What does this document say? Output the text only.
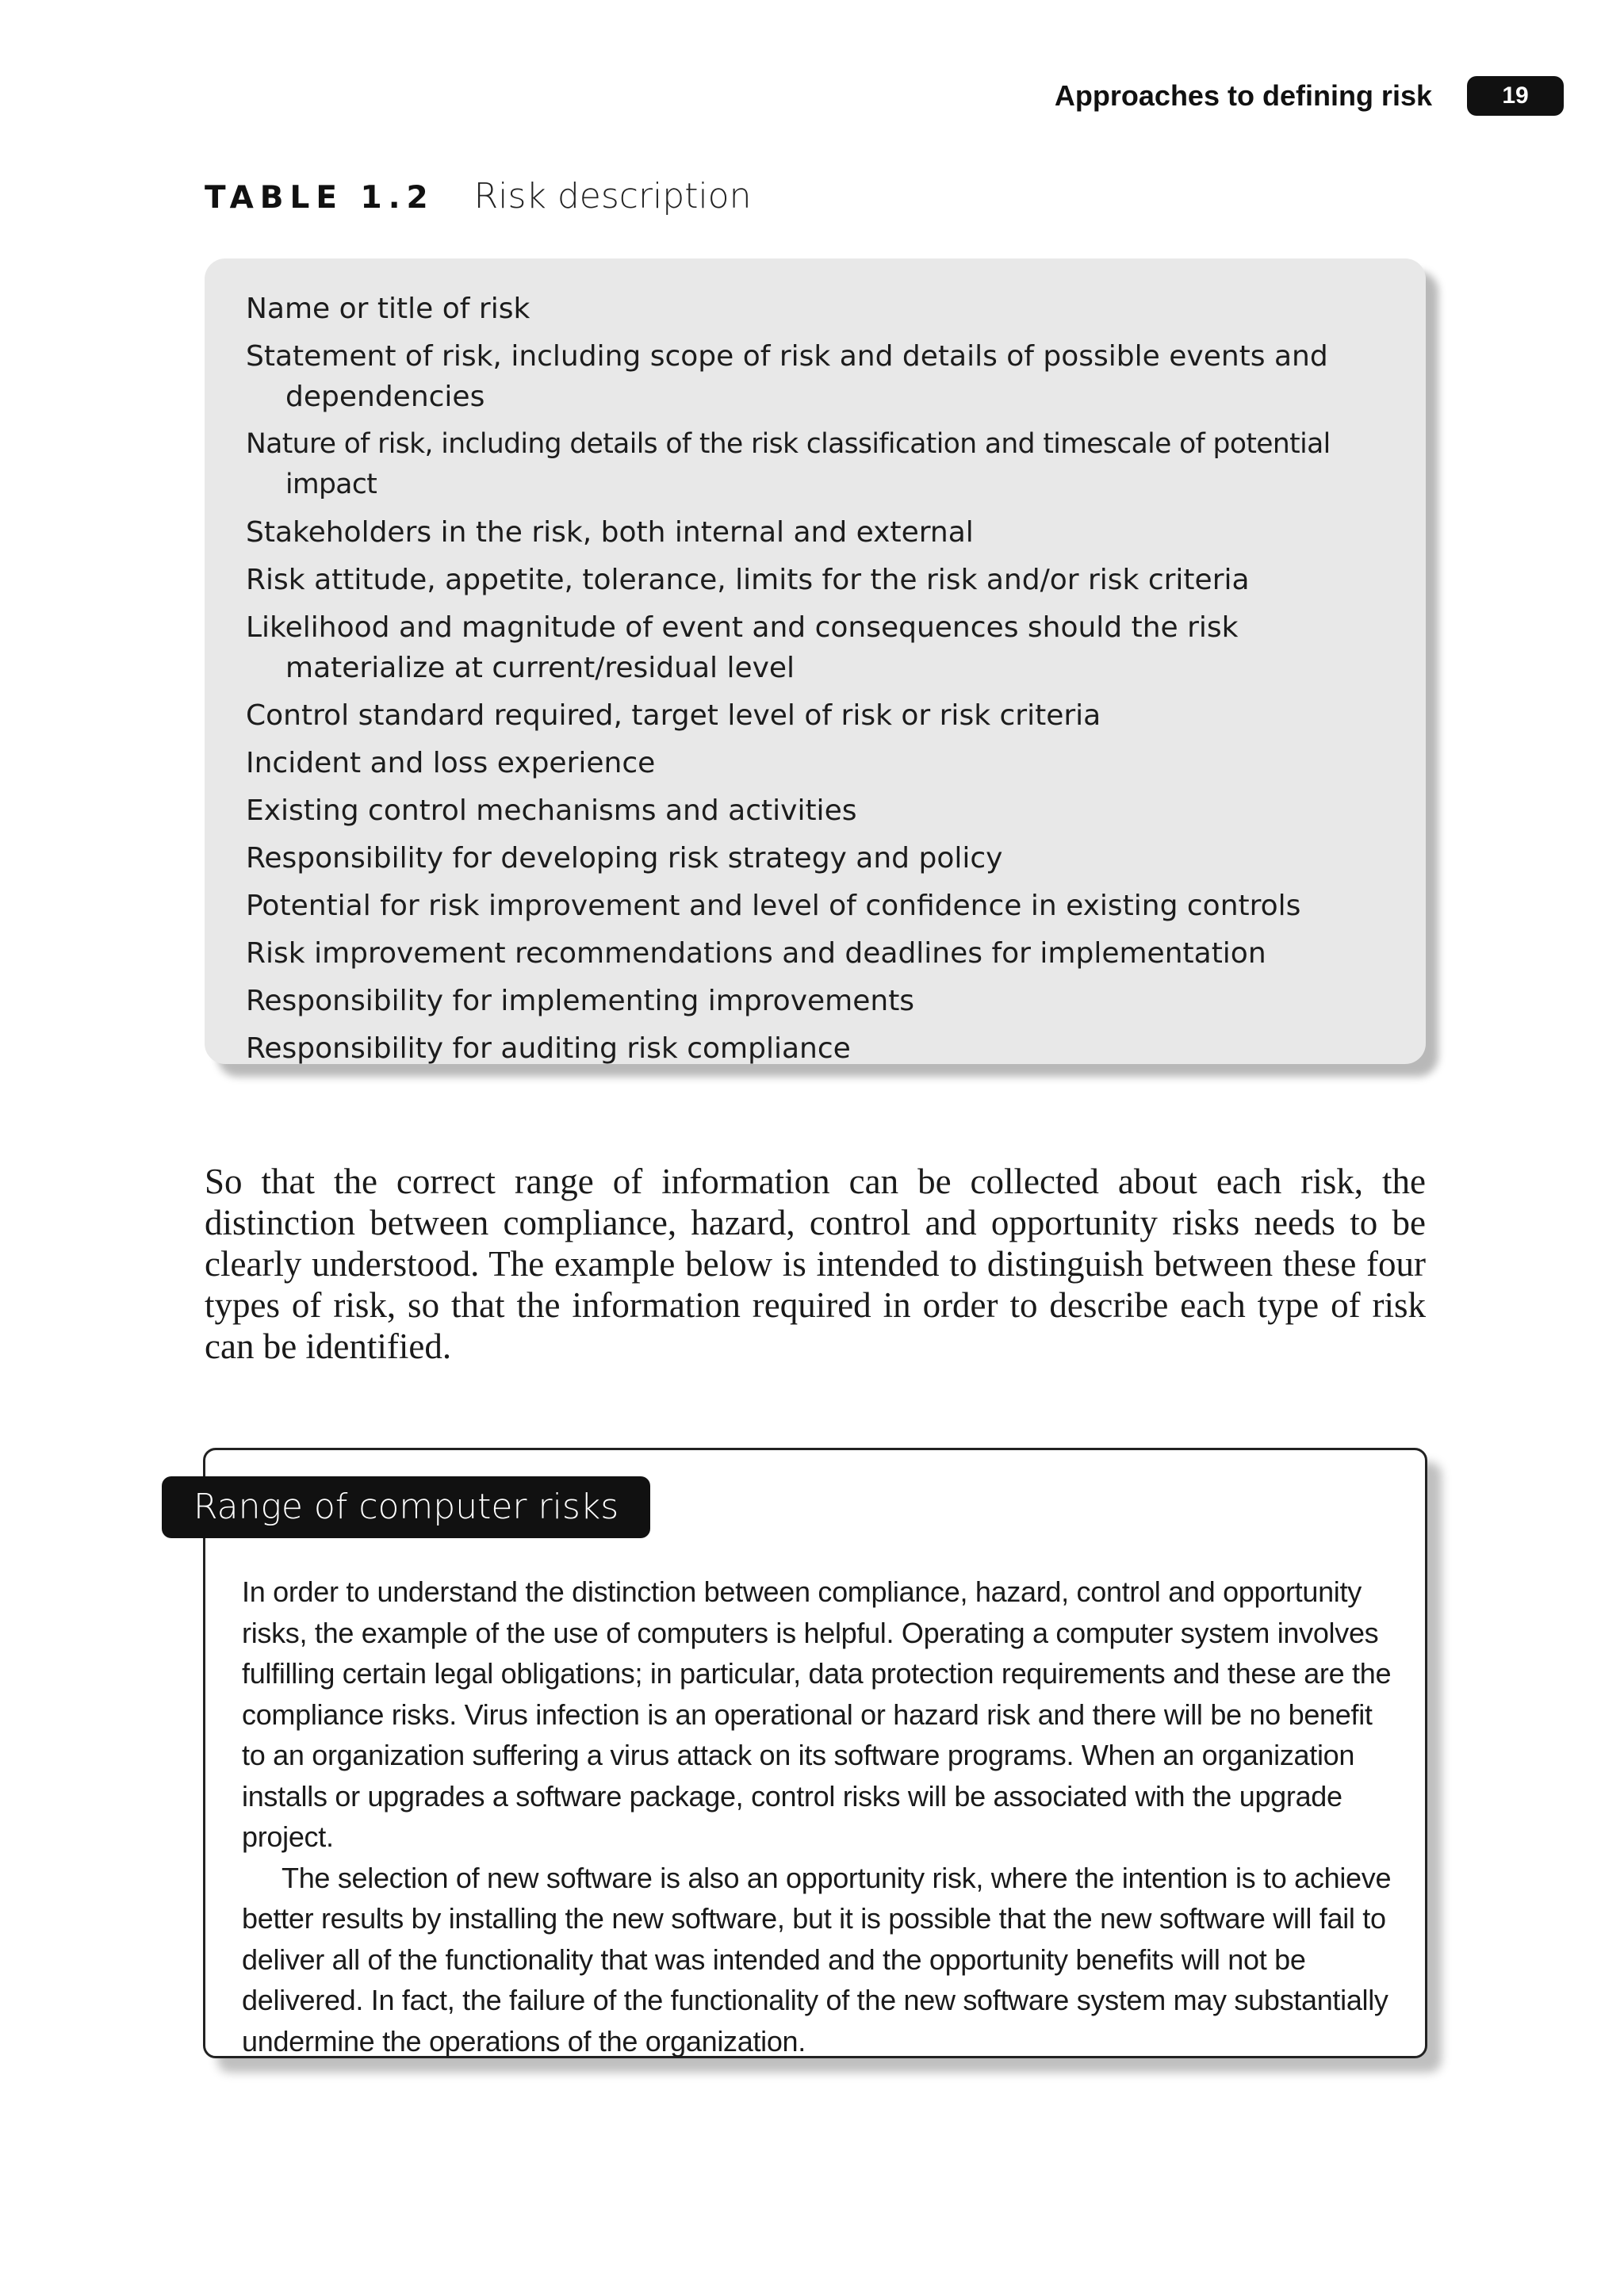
Approaches to defining risk	19
TABLE 1.2 Risk description
Name or title of risk
Statement of risk, including scope of risk and details of possible events and dependencies
Nature of risk, including details of the risk classification and timescale of potential impact
Stakeholders in the risk, both internal and external
Risk attitude, appetite, tolerance, limits for the risk and/or risk criteria
Likelihood and magnitude of event and consequences should the risk materialize at current/residual level
Control standard required, target level of risk or risk criteria
Incident and loss experience
Existing control mechanisms and activities
Responsibility for developing risk strategy and policy
Potential for risk improvement and level of confidence in existing controls
Risk improvement recommendations and deadlines for implementation
Responsibility for implementing improvements
Responsibility for auditing risk compliance

So that the correct range of information can be collected about each risk, the distinction between compliance, hazard, control and opportunity risks needs to be clearly understood. The example below is intended to distinguish between these four types of risk, so that the information required in order to describe each type of risk can be identified.

Range of computer risks

In order to understand the distinction between compliance, hazard, control and opportunity risks, the example of the use of computers is helpful. Operating a computer system involves fulfilling certain legal obligations; in particular, data protection requirements and these are the compliance risks. Virus infection is an operational or hazard risk and there will be no benefit to an organization suffering a virus attack on its software programs. When an organization installs or upgrades a software package, control risks will be associated with the upgrade project.

The selection of new software is also an opportunity risk, where the intention is to achieve better results by installing the new software, but it is possible that the new software will fail to deliver all of the functionality that was intended and the opportunity benefits will not be delivered. In fact, the failure of the functionality of the new software system may substantially undermine the operations of the organization.
